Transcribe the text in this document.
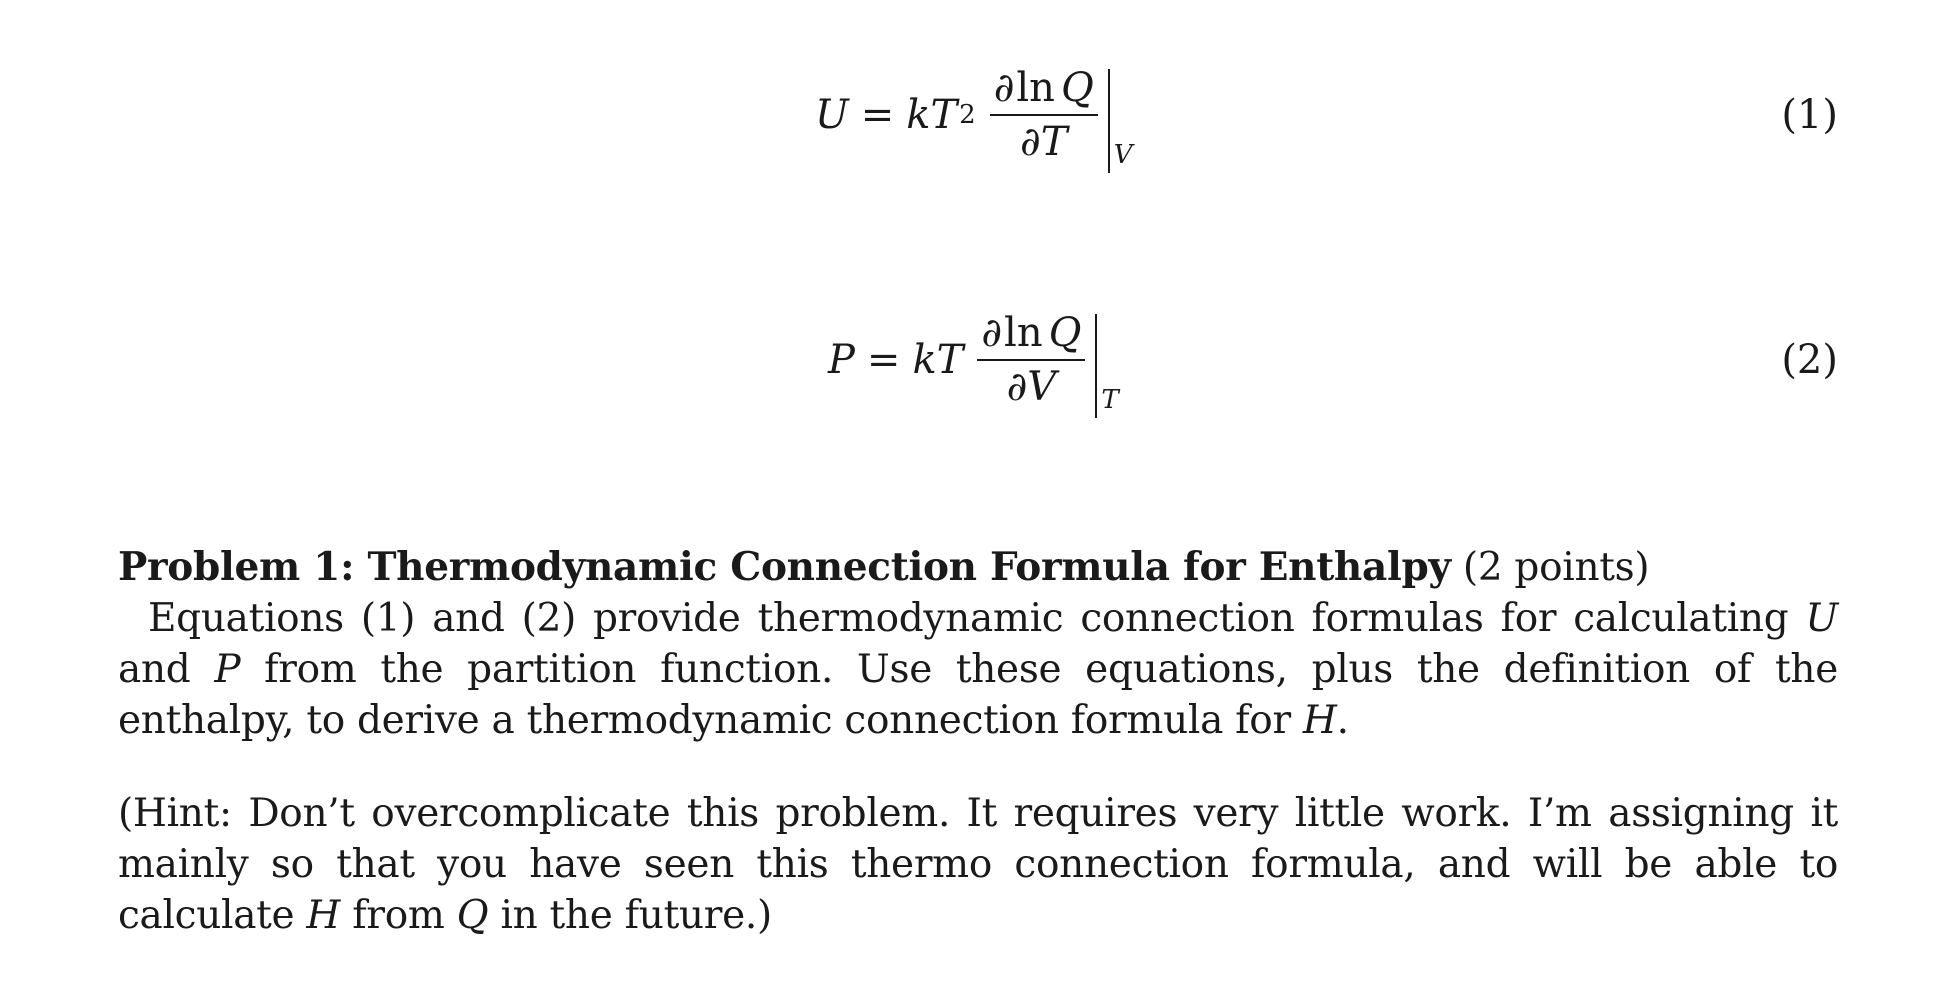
U = kT $2 \frac{\text{∂ln Q}}{\partial T}$ V
(1)
P = kT $\frac{\text{∂ln Q}}{\partial V}$ T
(2)
Problem 1: Thermodynamic Connection Formula for Enthalpy (2 points)

Equations (1) and (2) provide thermodynamic connection formulas for calculating U and P from the partition function. Use these equations, plus the definition of the enthalpy, to derive a thermodynamic connection formula for H.

(Hint: Don’t overcomplicate this problem. It requires very little work. I’m assigning it mainly so that you have seen this thermo connection formula, and will be able to calculate H from Q in the future.)
